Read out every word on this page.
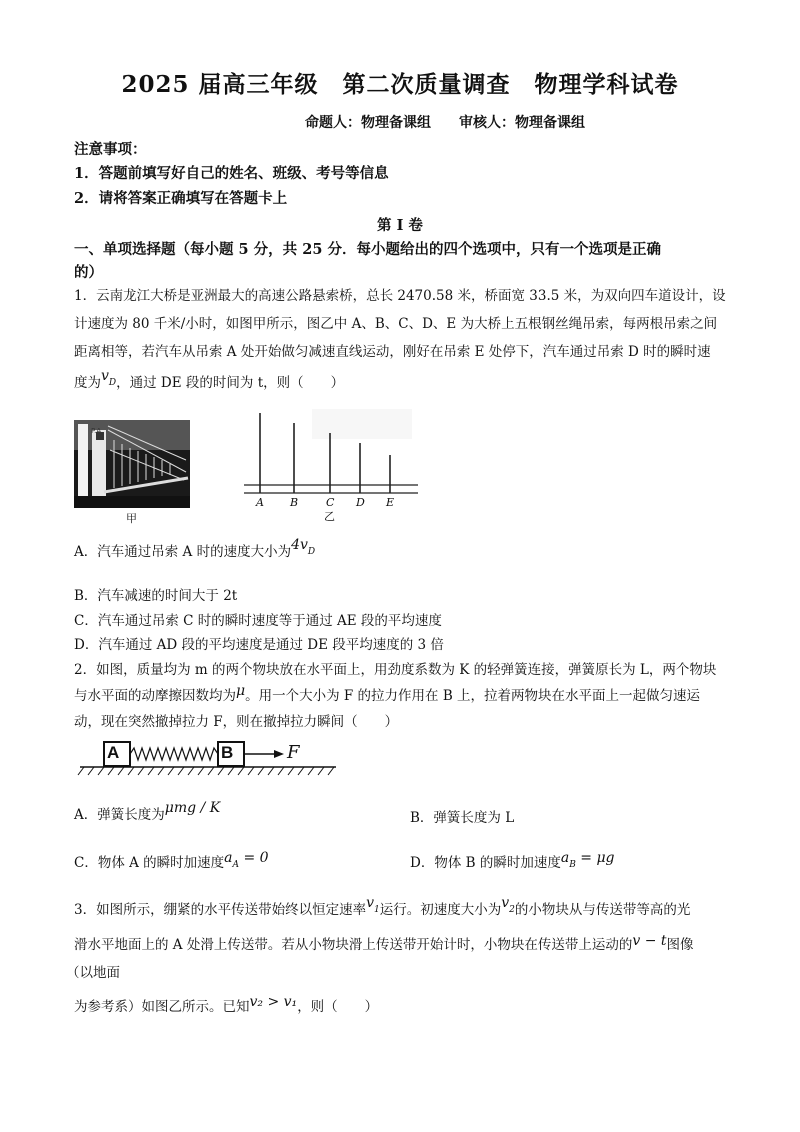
2025 届高三年级　第二次质量调查　物理学科试卷
命题人：物理备课组　　审核人：物理备课组
注意事项：
1．答题前填写好自己的姓名、班级、考号等信息
2．请将答案正确填写在答题卡上
第 I 卷
一、单项选择题（每小题 5 分，共 25 分．每小题给出的四个选项中，只有一个选项是正确
的）
1．云南龙江大桥是亚洲最大的高速公路悬索桥，总长 2470.58 米，桥面宽 33.5 米，为双向四车道设计，设
计速度为 80 千米/小时，如图甲所示，图乙中 A、B、C、D、E 为大桥上五根钢丝绳吊索，每两根吊索之间
距离相等，若汽车从吊索 A 处开始做匀减速直线运动，刚好在吊索 E 处停下，汽车通过吊索 D 时的瞬时速
度为$v_D$，通过 DE 段的时间为 t，则（　　）
甲
P.A
A B	C D E
乙
A．汽车通过吊索 A 时的速度大小为$4v_D$
B．汽车减速的时间大于 2t
C．汽车通过吊索 C 时的瞬时速度等于通过 AE 段的平均速度
D．汽车通过 AD 段的平均速度是通过 DE 段平均速度的 3 倍
2．如图，质量均为 m 的两个物块放在水平面上，用劲度系数为 K 的轻弹簧连接，弹簧原长为 L，两个物块
与水平面的动摩擦因数均为μ。用一个大小为 F 的拉力作用在 B 上，拉着两物块在水平面上一起做匀速运
动，现在突然撤掉拉力 F，则在撤掉拉力瞬间（　　）
A	B	F
A．弹簧长度为μmg / K
B．弹簧长度为 L
C．物体 A 的瞬时加速度$a_A = 0$	D．物体 B 的瞬时加速度$a_B = \mu g$
3．如图所示，绷紧的水平传送带始终以恒定速率$v_1$运行。初速度大小为$v_2$的小物块从与传送带等高的光
滑水平地面上的 A 处滑上传送带。若从小物块滑上传送带开始计时，小物块在传送带上运动的v − t图像
（以地面
为参考系）如图乙所示。已知v₂ > v₁，则（　　）
